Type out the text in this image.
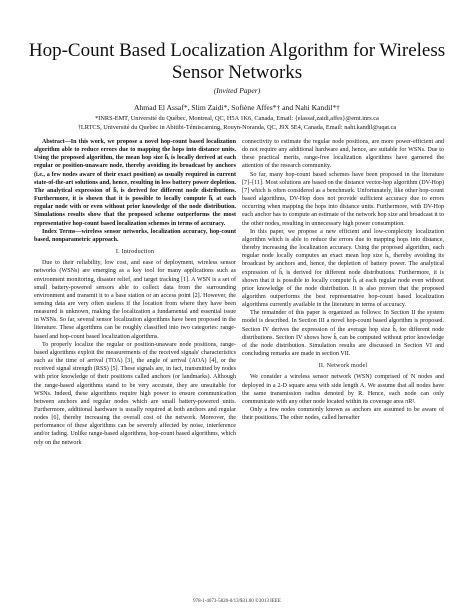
Hop-Count Based Localization Algorithm for Wireless Sensor Networks
(Invited Paper)
Ahmad El Assaf*, Slim Zaidi*, Sofiène Affes*† and Nahi Kandil*†
*INRS-EMT, Université du Québec, Montreal, QC, H5A 1K6, Canada, Email: {elassaf,zaidi,affes}@emt.inrs.ca
†LRTCS, Université du Quebec in Abitibi-Témiscaming, Rouyn-Noranda, QC, J9X 5E4, Canada, Email: nahi.kandil@uqat.ca

Abstract—In this work, we propose a novel hop-count based localization algorithm able to reduce errors due to mapping the hops into distance units. Using the proposed algorithm, the mean hop size h̄ᵢ is locally derived at each regular or position-unaware node, thereby avoiding its broadcast by anchors (i.e., a few nodes aware of their exact position) as usually required in current state-of-the-art solutions and, hence, resulting in less battery power depletion. The analytical expression of h̄ᵢ is derived for different node distributions. Furthermore, it is shown that it is possible to locally compute h̄ᵢ at each regular node with or even without prior knowledge of the node distribution. Simulations results show that the proposed scheme outperforms the most representative hop-count based localization schemes in terms of accuracy.

Index Terms—wireless sensor networks, localization accuracy, hop-count based, nonparametric approach.

I. Introduction

Due to their reliability, low cost, and ease of deployment, wireless sensor networks (WSNs) are emerging as a key tool for many applications such as environment monitoring, disaster relief, and target tracking [1]. A WSN is a set of small battery-powered sensors able to collect data from the surrounding environment and transmit it to a base station or an access point [2]. However, the sensing data are very often useless if the location from where they have been measured is unknown, making the localization a fundamental and essential issue in WSNs. So far, several sensor localization algorithms have been proposed in the literature. These algorithms can be roughly classified into two categories: range-based and hop-count based localization algorithms.

To properly localize the regular or position-unaware node positions, range-based algorithms exploit the measurements of the received signals' characteristics such as the time of arrival (TOA) [3], the angle of arrival (AOA) [4], or the received signal strength (RSS) [5]. These signals are, in fact, transmitted by nodes with prior knowledge of their positions called anchors (or landmarks). Although the range-based algorithms stand to be very accurate, they are unsuitable for WSNs. Indeed, these algorithms require high power to ensure communication between anchors and regular nodes which are small battery-powered units. Furthermore, additional hardware is usually required at both anchors and regular nodes [6], thereby increasing the overall cost of the network. Moreover, the performance of these algorithms can be severely affected by noise, interference and/or fading. Unlike range-based algorithms, hop-count based algorithms, which rely on the network

connectivity to estimate the regular node positions, are more power-efficient and do not require any additional hardware and, hence, are suitable for WSNs. Due to these practical merits, range-free localization algorithms have garnered the attention of the research community.

So far, many hop-count based schemes have been proposed in the literature [7]–[11]. Most solutions are based on the distance vector-hop algorithm (DV-Hop) [7] which is often considered as a benchmark. Unfortunately, like other hop-count based algorithms, DV-Hop does not provide sufficient accuracy due to errors occurring when mapping the hops into distance units. Furthermore, with DV-Hop each anchor has to compute an estimate of the network hop size and broadcast it to the other nodes, resulting in unnecessary high power consumption.

In this paper, we propose a new efficient and low-complexity localization algorithm which is able to reduce the errors due to mapping hops into distance, thereby increasing the localization accuracy. Using the proposed algorithm, each regular node locally computes an exact mean hop size h̄ᵢ, thereby avoiding its broadcast by anchors and, hence, the depletion of battery power. The analytical expression of h̄ᵢ is derived for different node distributions. Furthermore, it is shown that it is possible to locally compute h̄ᵢ at each regular node even without prior knowledge of the node distribution. It is also proven that the proposed algorithm outperforms the best representative hop-count based localization algorithms currently available in the literature in terms of accuracy.

The remainder of this paper is organized as follows: In Section II the system model is described. In Section III a novel hop-count based algorithm is proposed. Section IV derives the expression of the average hop size h̄ᵢ for different node distributions. Section IV shows how h̄ᵢ can be computed without prior knowledge of the node distribution. Simulation results are discussed in Section VI and concluding remarks are made in section VII.

II. Network model

We consider a wireless sensor network (WSN) comprised of N nodes and deployed in a 2-D square area with side length A. We assume that all nodes have the same transmission radius denoted by R. Hence, each node can only communicate with any other node located within its coverage area πR².

Only a few nodes commonly known as anchors are assumed to be aware of their positions. The other nodes, called hereafter

978-1-4673-5820-0/13/$31.00 ©2013 IEEE
